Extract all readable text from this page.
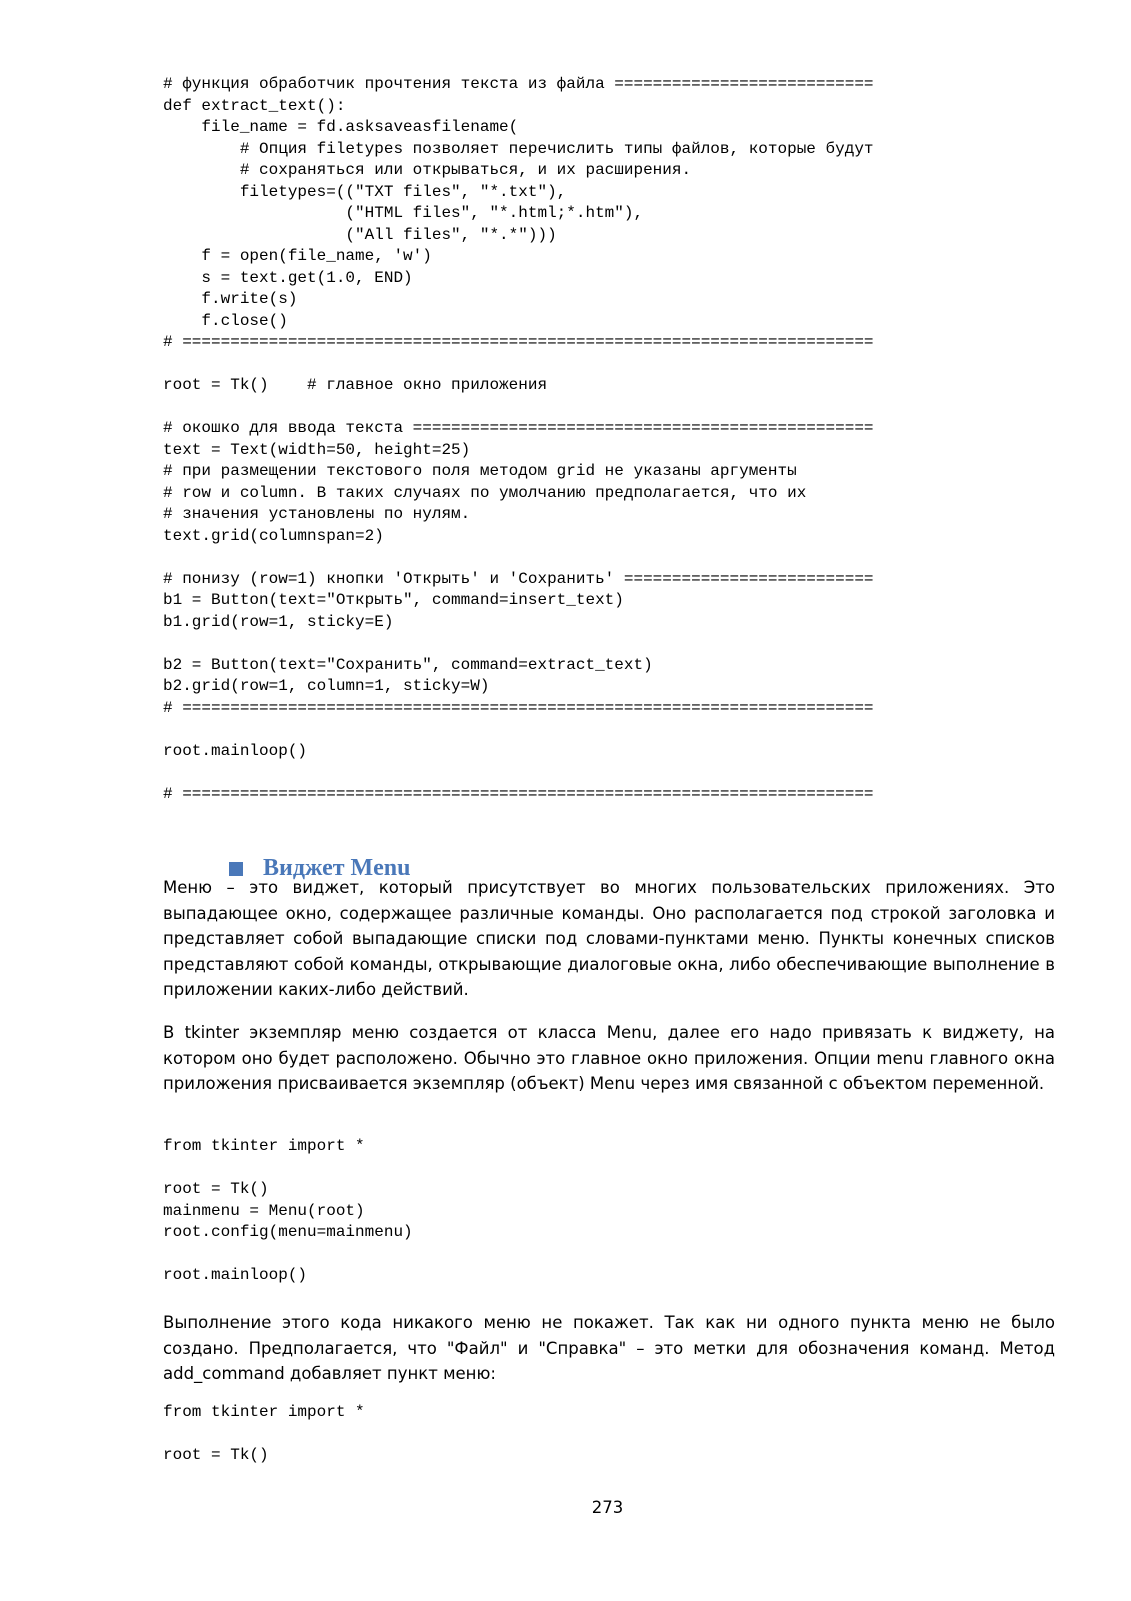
# функция обработчик прочтения текста из файла ===========================
def extract_text():
file_name = fd.asksaveasfilename(
# Опция filetypes позволяет перечислить типы файлов, которые будут
# сохраняться или открываться, и их расширения.
filetypes=(("TXT files", "*.txt"),
("HTML files", "*.html;*.htm"),
("All files", "*.*")))
f = open(file_name, 'w')
s = text.get(1.0, END)
f.write(s)
f.close()
# ========================================================================
root = Tk()    # главное окно приложения
# окошко для ввода текста ================================================
text = Text(width=50, height=25)
# при размещении текстового поля методом grid не указаны аргументы
# row и column. В таких случаях по умолчанию предполагается, что их
# значения установлены по нулям.
text.grid(columnspan=2)
# понизу (row=1) кнопки 'Открыть' и 'Сохранить' ==========================
b1 = Button(text="Открыть", command=insert_text)
b1.grid(row=1, sticky=E)
b2 = Button(text="Сохранить", command=extract_text)
b2.grid(row=1, column=1, sticky=W)
# ========================================================================
root.mainloop()
# ========================================================================
Виджет Menu

Меню – это виджет, который присутствует во многих пользовательских приложениях. Это выпадающее окно, содержащее различные команды. Оно располагается под строкой заголовка и представляет собой выпадающие списки под словами-пунктами меню. Пункты конечных списков представляют собой команды, открывающие диалоговые окна, либо обеспечивающие выполнение в приложении каких-либо действий.

В tkinter экземпляр меню создается от класса Menu, далее его надо привязать к виджету, на котором оно будет расположено. Обычно это главное окно приложения. Опции menu главного окна приложения присваивается экземпляр (объект) Menu через имя связанной с объектом переменной.

from tkinter import *
root = Tk()
mainmenu = Menu(root)
root.config(menu=mainmenu)
root.mainloop()

Выполнение этого кода никакого меню не покажет. Так как ни одного пункта меню не было создано. Предполагается, что "Файл" и "Справка" – это метки для обозначения команд. Метод add_command добавляет пункт меню:

from tkinter import *
root = Tk()
273
